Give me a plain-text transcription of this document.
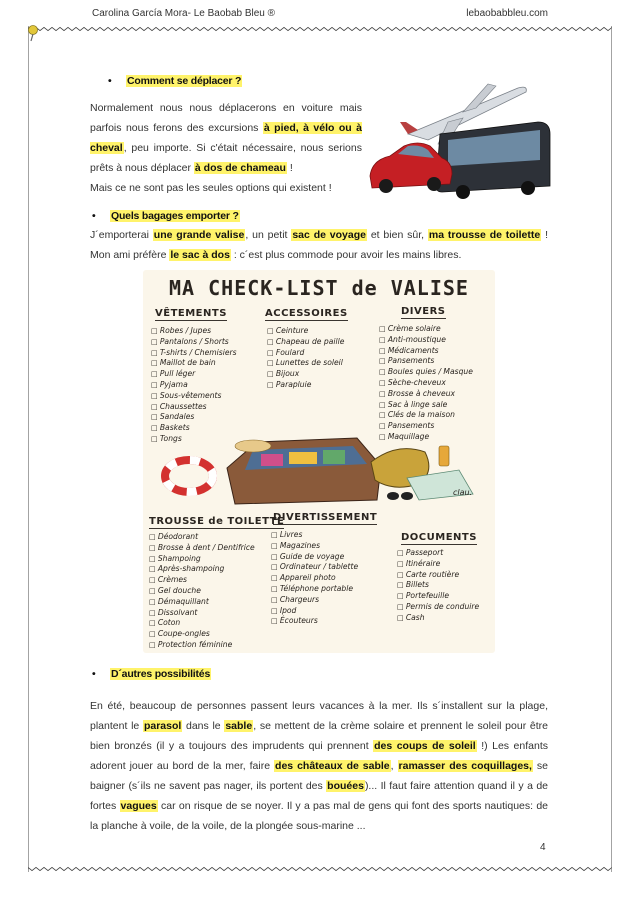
Carolina García Mora- Le Baobab Bleu ®	lebaobabbleu.com
• Comment se déplacer ?
Normalement nous nous déplacerons en voiture mais parfois nous ferons des excursions à pied, à vélo ou à cheval, peu importe. Si c'était nécessaire, nous serions prêts à nous déplacer à dos de chameau !
Mais ce ne sont pas les seules options qui existent !
• Quels bagages emporter ?
J´emporterai une grande valise, un petit sac de voyage et bien sûr, ma trousse de toilette ! Mon ami préfère le sac à dos : c´est plus commode pour avoir les mains libres.
MA CHECK-LIST de VALISE
VÊTEMENTS
□ Robes / Jupes
□ Pantalons / Shorts
□ T-shirts / Chemisiers
□ Maillot de bain
□ Pull léger
□ Pyjama
□ Sous-vêtements
□ Chaussettes
□ Sandales
□ Baskets
□ Tongs
ACCESSOIRES
□ Ceinture
□ Chapeau de paille
□ Foulard
□ Lunettes de soleil
□ Bijoux
□ Parapluie
DIVERS
□ Crème solaire
□ Anti-moustique
□ Médicaments
□ Pansements
□ Boules quies / Masque
□ Sèche-cheveux
□ Brosse à cheveux
□ Sac à linge sale
□ Clés de la maison
□ Pansements
□ Maquillage
clau.
TROUSSE de TOILETTE
□ Déodorant
□ Brosse à dent / Dentifrice
□ Shampoing
□ Après-shampoing
□ Crèmes
□ Gel douche
□ Démaquillant
□ Dissolvant
□ Coton
□ Coupe-ongles
□ Protection féminine
DIVERTISSEMENT
□ Livres
□ Magazines
□ Guide de voyage
□ Ordinateur / tablette
□ Appareil photo
□ Téléphone portable
□ Chargeurs
□ Ipod
□ Écouteurs
DOCUMENTS
□ Passeport
□ Itinéraire
□ Carte routière
□ Billets
□ Portefeuille
□ Permis de conduire
□ Cash
• D´autres possibilités
En été, beaucoup de personnes passent leurs vacances à la mer. Ils s´installent sur la plage, plantent le parasol dans le sable, se mettent de la crème solaire et prennent le soleil pour être bien bronzés (il y a toujours des imprudents qui prennent des coups de soleil !) Les enfants adorent jouer au bord de la mer, faire des châteaux de sable, ramasser des coquillages, se baigner (s´ils ne savent pas nager, ils portent des bouées)... Il faut faire attention quand il y a de fortes vagues car on risque de se noyer. Il y a pas mal de gens qui font des sports nautiques: de la planche à voile, de la voile, de la plongée sous-marine ...
4
